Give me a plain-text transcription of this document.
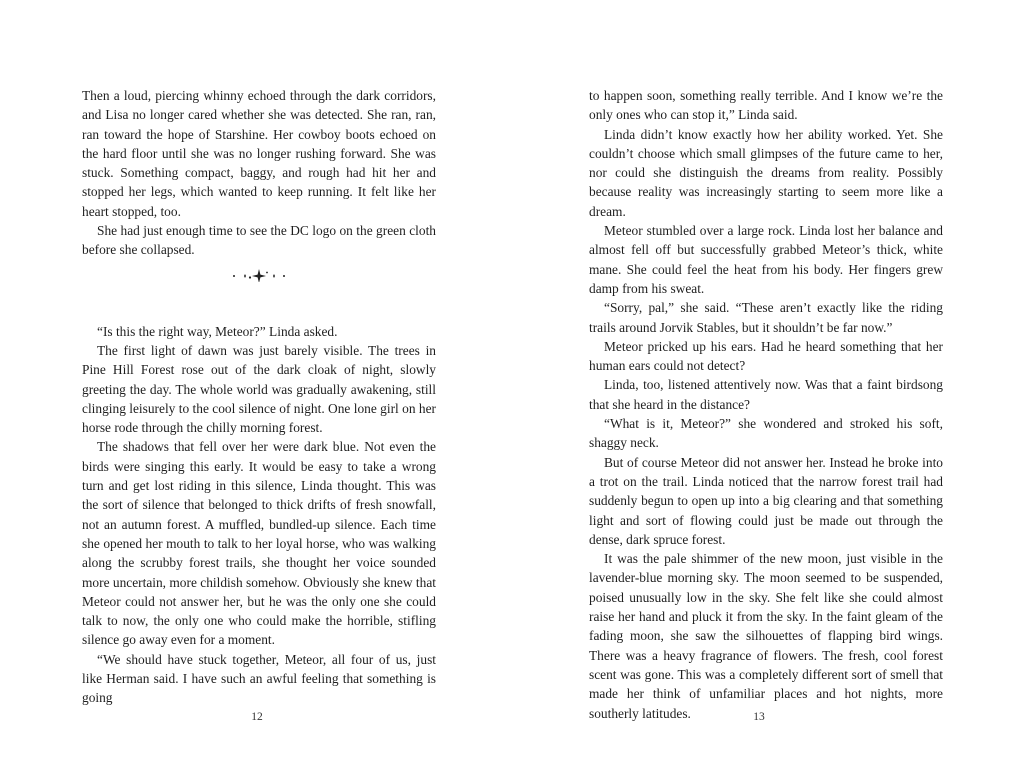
Then a loud, piercing whinny echoed through the dark corridors, and Lisa no longer cared whether she was detected. She ran, ran, ran toward the hope of Starshine. Her cowboy boots echoed on the hard floor until she was no longer rushing forward. She was stuck. Something compact, baggy, and rough had hit her and stopped her legs, which wanted to keep running. It felt like her heart stopped, too.

She had just enough time to see the DC logo on the green cloth before she collapsed.

“Is this the right way, Meteor?” Linda asked.

The first light of dawn was just barely visible. The trees in Pine Hill Forest rose out of the dark cloak of night, slowly greeting the day. The whole world was gradually awakening, still clinging leisurely to the cool silence of night. One lone girl on her horse rode through the chilly morning forest.

The shadows that fell over her were dark blue. Not even the birds were singing this early. It would be easy to take a wrong turn and get lost riding in this silence, Linda thought. This was the sort of silence that belonged to thick drifts of fresh snowfall, not an autumn forest. A muffled, bundled-up silence. Each time she opened her mouth to talk to her loyal horse, who was walking along the scrubby forest trails, she thought her voice sounded more uncertain, more childish somehow. Obviously she knew that Meteor could not answer her, but he was the only one she could talk to now, the only one who could make the horrible, stifling silence go away even for a moment.

“We should have stuck together, Meteor, all four of us, just like Herman said. I have such an awful feeling that something is going

12

to happen soon, something really terrible. And I know we’re the only ones who can stop it,” Linda said.

Linda didn’t know exactly how her ability worked. Yet. She couldn’t choose which small glimpses of the future came to her, nor could she distinguish the dreams from reality. Possibly because reality was increasingly starting to seem more like a dream.

Meteor stumbled over a large rock. Linda lost her balance and almost fell off but successfully grabbed Meteor’s thick, white mane. She could feel the heat from his body. Her fingers grew damp from his sweat.

“Sorry, pal,” she said. “These aren’t exactly like the riding trails around Jorvik Stables, but it shouldn’t be far now.”

Meteor pricked up his ears. Had he heard something that her human ears could not detect?

Linda, too, listened attentively now. Was that a faint birdsong that she heard in the distance?

“What is it, Meteor?” she wondered and stroked his soft, shaggy neck.

But of course Meteor did not answer her. Instead he broke into a trot on the trail. Linda noticed that the narrow forest trail had suddenly begun to open up into a big clearing and that something light and sort of flowing could just be made out through the dense, dark spruce forest.

It was the pale shimmer of the new moon, just visible in the lavender-blue morning sky. The moon seemed to be suspended, poised unusually low in the sky. She felt like she could almost raise her hand and pluck it from the sky. In the faint gleam of the fading moon, she saw the silhouettes of flapping bird wings. There was a heavy fragrance of flowers. The fresh, cool forest scent was gone. This was a completely different sort of smell that made her think of unfamiliar places and hot nights, more southerly latitudes.	13
